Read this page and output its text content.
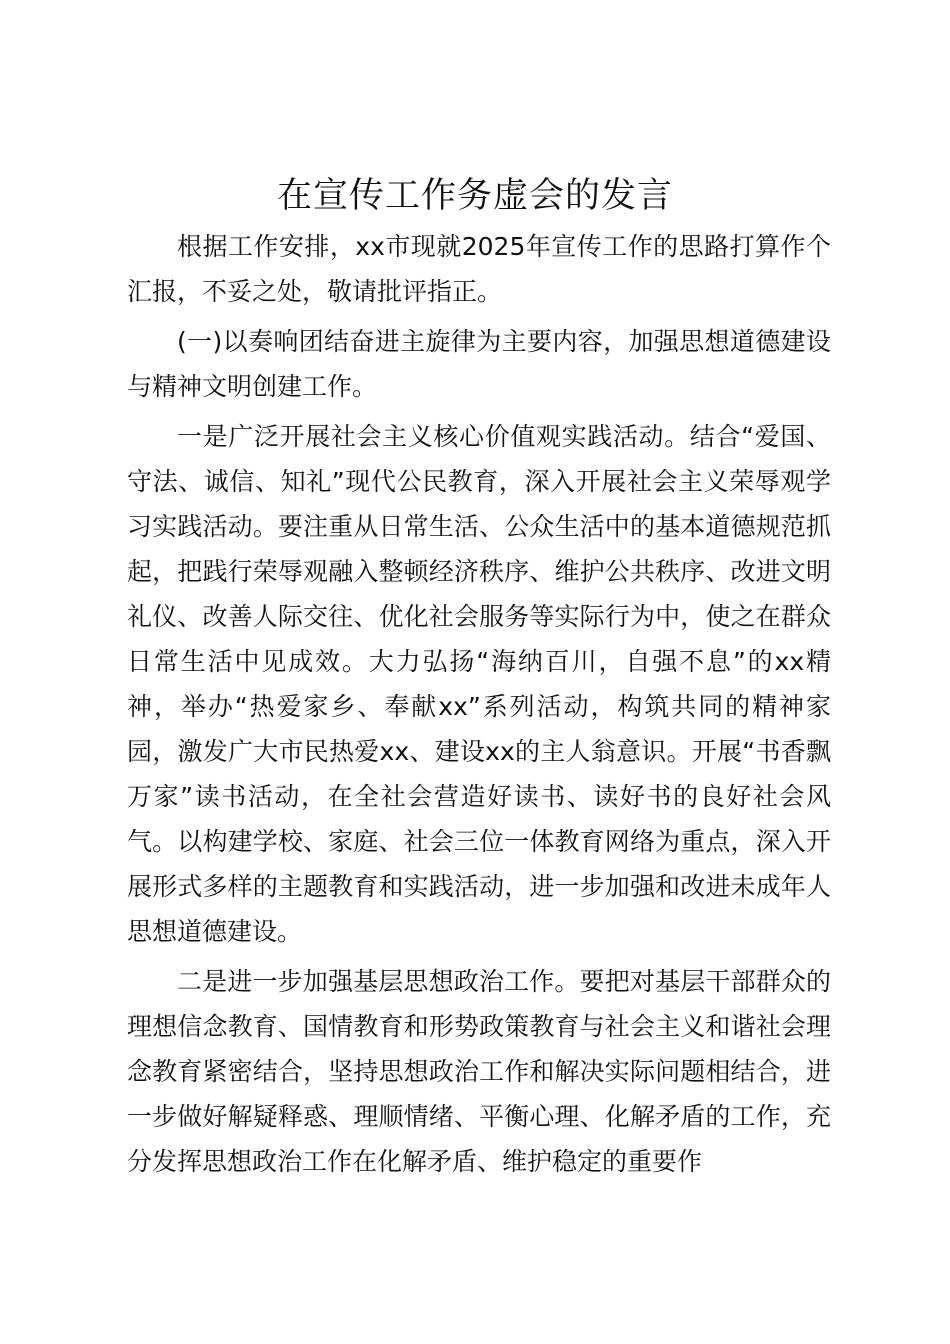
在宣传工作务虚会的发言

根据工作安排，xx市现就2025年宣传工作的思路打算作个汇报，不妥之处，敬请批评指正。

(一)以奏响团结奋进主旋律为主要内容，加强思想道德建设与精神文明创建工作。

一是广泛开展社会主义核心价值观实践活动。结合“爱国、守法、诚信、知礼”现代公民教育，深入开展社会主义荣辱观学习实践活动。要注重从日常生活、公众生活中的基本道德规范抓起，把践行荣辱观融入整顿经济秩序、维护公共秩序、改进文明礼仪、改善人际交往、优化社会服务等实际行为中，使之在群众日常生活中见成效。大力弘扬“海纳百川，自强不息”的xx精神，举办“热爱家乡、奉献xx”系列活动，构筑共同的精神家园，激发广大市民热爱xx、建设xx的主人翁意识。开展“书香飘万家”读书活动，在全社会营造好读书、读好书的良好社会风气。以构建学校、家庭、社会三位一体教育网络为重点，深入开展形式多样的主题教育和实践活动，进一步加强和改进未成年人思想道德建设。

二是进一步加强基层思想政治工作。要把对基层干部群众的理想信念教育、国情教育和形势政策教育与社会主义和谐社会理念教育紧密结合，坚持思想政治工作和解决实际问题相结合，进一步做好解疑释惑、理顺情绪、平衡心理、化解矛盾的工作，充分发挥思想政治工作在化解矛盾、维护稳定的重要作
